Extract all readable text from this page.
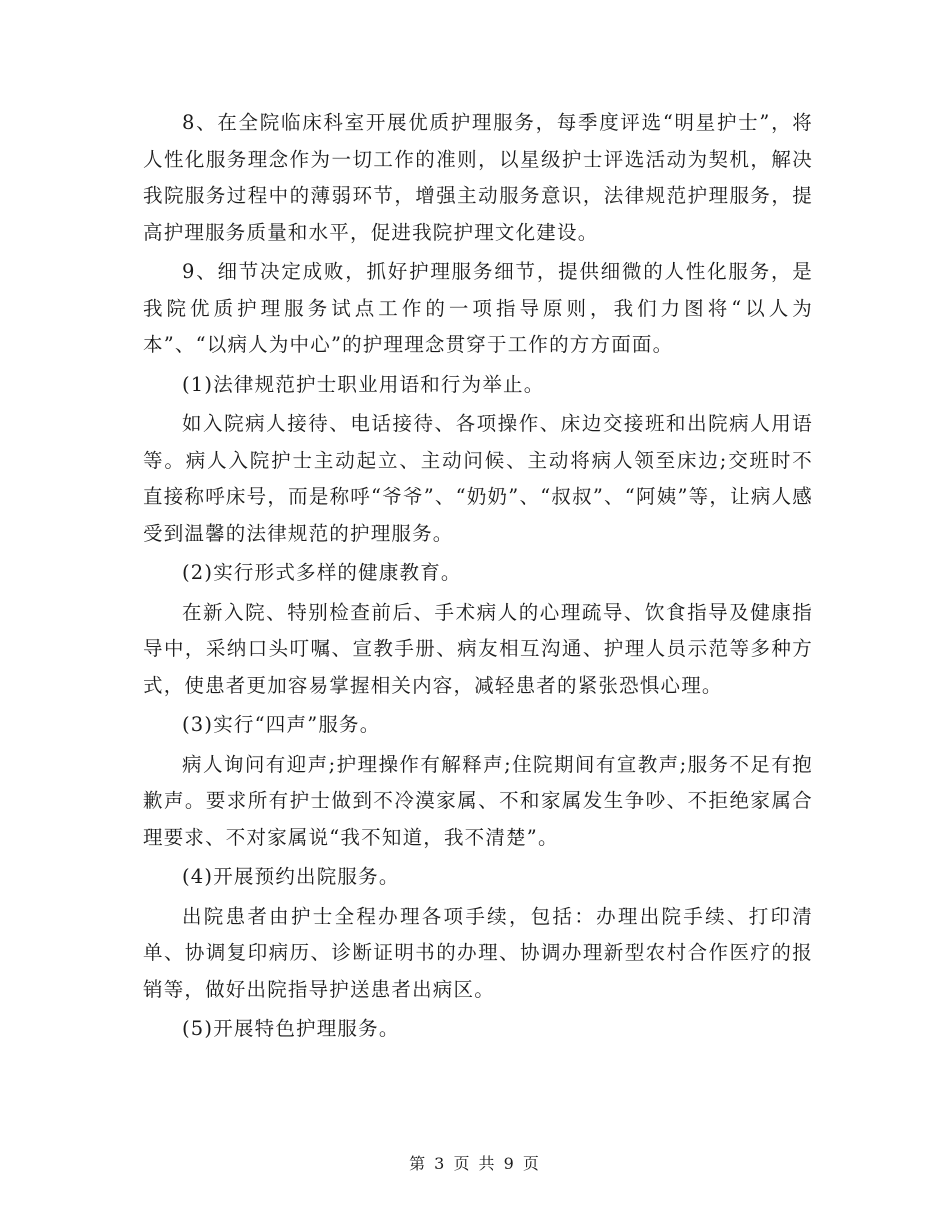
8、在全院临床科室开展优质护理服务，每季度评选“明星护士”，将人性化服务理念作为一切工作的准则，以星级护士评选活动为契机，解决我院服务过程中的薄弱环节，增强主动服务意识，法律规范护理服务，提高护理服务质量和水平，促进我院护理文化建设。

9、细节决定成败，抓好护理服务细节，提供细微的人性化服务，是我院优质护理服务试点工作的一项指导原则，我们力图将“以人为本”、“以病人为中心”的护理理念贯穿于工作的方方面面。

(1)法律规范护士职业用语和行为举止。

如入院病人接待、电话接待、各项操作、床边交接班和出院病人用语等。病人入院护士主动起立、主动问候、主动将病人领至床边;交班时不直接称呼床号，而是称呼“爷爷”、“奶奶”、“叔叔”、“阿姨”等，让病人感受到温馨的法律规范的护理服务。

(2)实行形式多样的健康教育。

在新入院、特别检查前后、手术病人的心理疏导、饮食指导及健康指导中，采纳口头叮嘱、宣教手册、病友相互沟通、护理人员示范等多种方式，使患者更加容易掌握相关内容，减轻患者的紧张恐惧心理。

(3)实行“四声”服务。

病人询问有迎声;护理操作有解释声;住院期间有宣教声;服务不足有抱歉声。要求所有护士做到不冷漠家属、不和家属发生争吵、不拒绝家属合理要求、不对家属说“我不知道，我不清楚”。

(4)开展预约出院服务。

出院患者由护士全程办理各项手续，包括：办理出院手续、打印清单、协调复印病历、诊断证明书的办理、协调办理新型农村合作医疗的报销等，做好出院指导护送患者出病区。

(5)开展特色护理服务。

第 3 页 共 9 页
